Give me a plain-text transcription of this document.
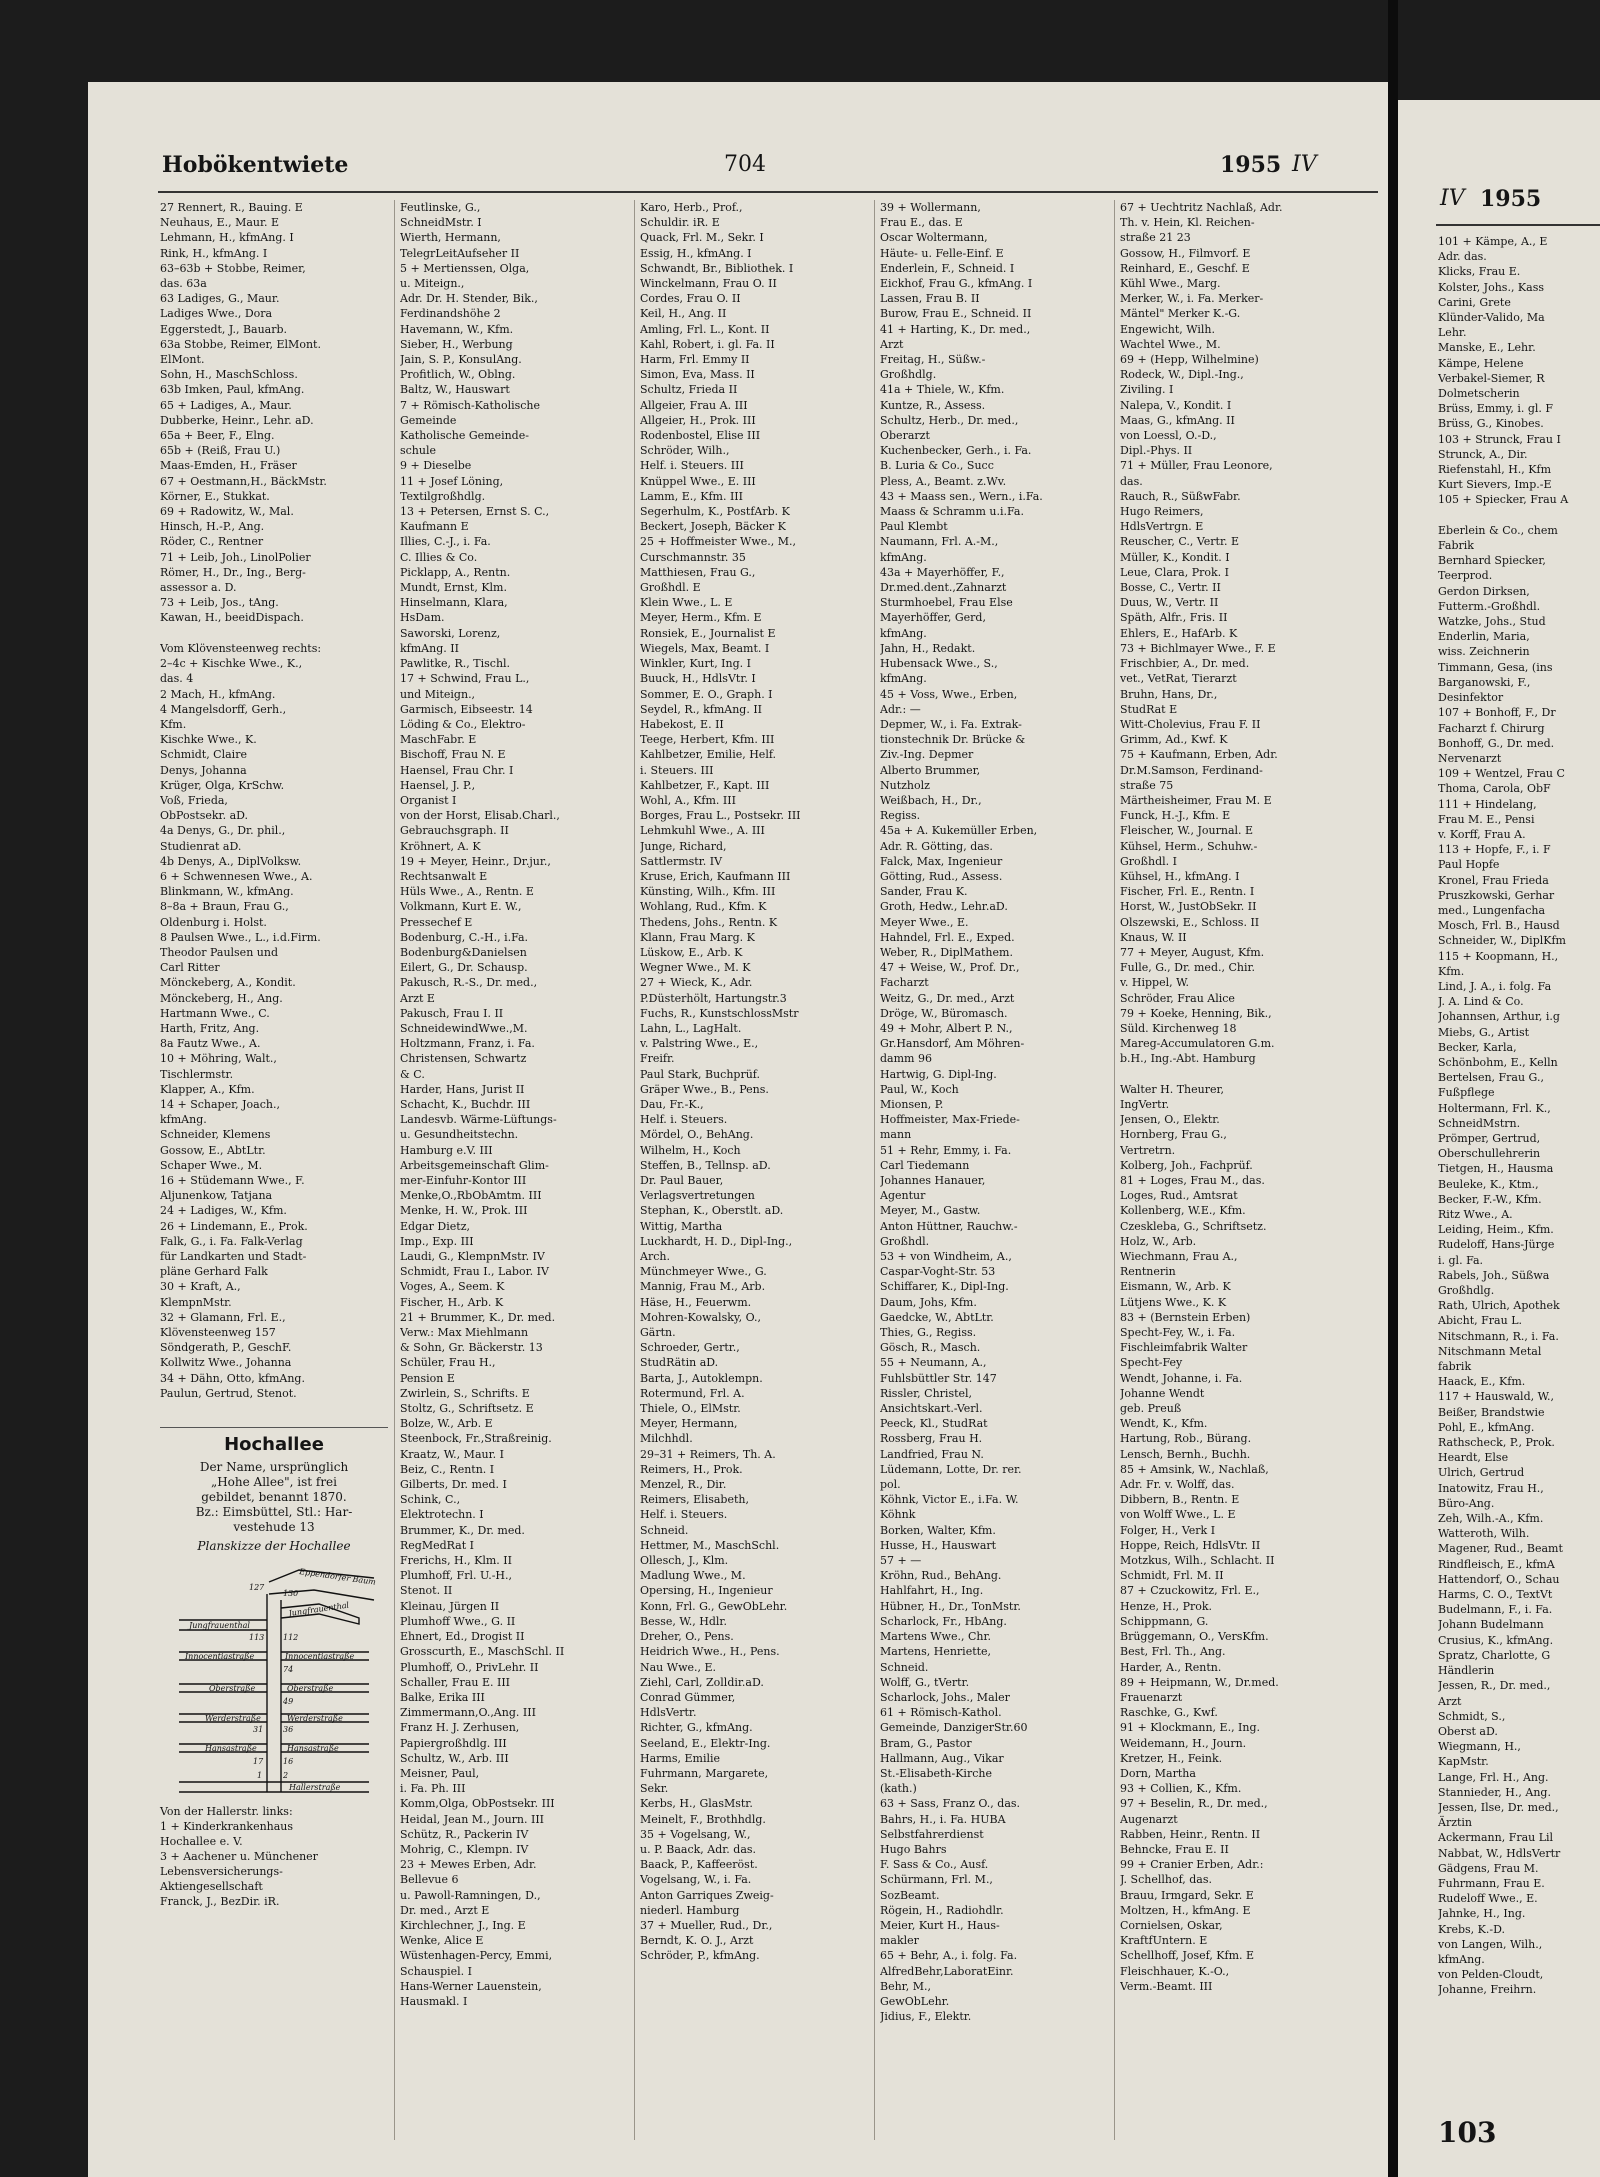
Hobökentwiete	704	1955 IV
27 Rennert, R., Bauing. E
Neuhaus, E., Maur. E
Lehmann, H., kfmAng. I
Rink, H., kfmAng. I
63–63b + Stobbe, Reimer,
das. 63a
63 Ladiges, G., Maur.
Ladiges Wwe., Dora
Eggerstedt, J., Bauarb.
63a Stobbe, Reimer, ElMont.
ElMont.
Sohn, H., MaschSchloss.
63b Imken, Paul, kfmAng.
65 + Ladiges, A., Maur.
Dubberke, Heinr., Lehr. aD.
65a + Beer, F., Elng.
65b + (Reiß, Frau U.)
Maas-Emden, H., Fräser
67 + Oestmann,H., BäckMstr.
Körner, E., Stukkat.
69 + Radowitz, W., Mal.
Hinsch, H.-P., Ang.
Röder, C., Rentner
71 + Leib, Joh., LinolPolier
Römer, H., Dr., Ing., Berg-
assessor a. D.
73 + Leib, Jos., tAng.
Kawan, H., beeidDispach.

Vom Klövensteenweg rechts:
2–4c + Kischke Wwe., K.,
das. 4
2 Mach, H., kfmAng.
4 Mangelsdorff, Gerh.,
Kfm.
Kischke Wwe., K.
Schmidt, Claire
Denys, Johanna
Krüger, Olga, KrSchw.
Voß, Frieda,
ObPostsekr. aD.
4a Denys, G., Dr. phil.,
Studienrat aD.
4b Denys, A., DiplVolksw.
6 + Schwennesen Wwe., A.
Blinkmann, W., kfmAng.
8–8a + Braun, Frau G.,
Oldenburg i. Holst.
8 Paulsen Wwe., L., i.d.Firm.
Theodor Paulsen und
Carl Ritter
Mönckeberg, A., Kondit.
Mönckeberg, H., Ang.
Hartmann Wwe., C.
Harth, Fritz, Ang.
8a Fautz Wwe., A.
10 + Möhring, Walt.,
Tischlermstr.
Klapper, A., Kfm.
14 + Schaper, Joach.,
kfmAng.
Schneider, Klemens
Gossow, E., AbtLtr.
Schaper Wwe., M.
16 + Stüdemann Wwe., F.
Aljunenkow, Tatjana
24 + Ladiges, W., Kfm.
26 + Lindemann, E., Prok.
Falk, G., i. Fa. Falk-Verlag
für Landkarten und Stadt-
pläne Gerhard Falk
30 + Kraft, A.,
KlempnMstr.
32 + Glamann, Frl. E.,
Klövensteenweg 157
Söndgerath, P., GeschF.
Kollwitz Wwe., Johanna
34 + Dähn, Otto, kfmAng.
Paulun, Gertrud, Stenot.
Feutlinske, G.,
SchneidMstr. I
Wierth, Hermann,
TelegrLeitAufseher II
5 + Mertienssen, Olga,
u. Miteign.,
Adr. Dr. H. Stender, Bik.,
Ferdinandshöhe 2
Havemann, W., Kfm.
Sieber, H., Werbung
Jain, S. P., KonsulAng.
Profitlich, W., Oblng.
Baltz, W., Hauswart
7 + Römisch-Katholische
Gemeinde
Katholische Gemeinde-
schule
9 + Dieselbe
11 + Josef Löning,
Textilgroßhdlg.
13 + Petersen, Ernst S. C.,
Kaufmann E
Illies, C.-J., i. Fa.
C. Illies & Co.
Picklapp, A., Rentn.
Mundt, Ernst, Klm.
Hinselmann, Klara,
HsDam.
Saworski, Lorenz,
kfmAng. II
Pawlitke, R., Tischl.
17 + Schwind, Frau L.,
und Miteign.,
Garmisch, Eibseestr. 14
Löding & Co., Elektro-
MaschFabr. E
Bischoff, Frau N. E
Haensel, Frau Chr. I
Haensel, J. P.,
Organist I
von der Horst, Elisab.Charl.,
Gebrauchsgraph. II
Kröhnert, A. K
19 + Meyer, Heinr., Dr.jur.,
Rechtsanwalt E
Hüls Wwe., A., Rentn. E
Volkmann, Kurt E. W.,
Pressechef E
Bodenburg, C.-H., i.Fa.
Bodenburg&Danielsen
Eilert, G., Dr. Schausp.
Pakusch, R.-S., Dr. med.,
Arzt E
Pakusch, Frau I. II
SchneidewindWwe.,M.
Holtzmann, Franz, i. Fa.
Christensen, Schwartz
& C.
Harder, Hans, Jurist II
Schacht, K., Buchdr. III
Landesvb. Wärme-Lüftungs-
u. Gesundheitstechn.
Hamburg e.V. III
Arbeitsgemeinschaft Glim-
mer-Einfuhr-Kontor III
Menke,O.,RbObAmtm. III
Menke, H. W., Prok. III
Edgar Dietz,
Imp., Exp. III
Laudi, G., KlempnMstr. IV
Schmidt, Frau I., Labor. IV
Voges, A., Seem. K
Fischer, H., Arb. K
21 + Brummer, K., Dr. med.
Verw.: Max Miehlmann
& Sohn, Gr. Bäckerstr. 13
Schüler, Frau H.,
Pension E
Zwirlein, S., Schrifts. E
Stoltz, G., Schriftsetz. E
Bolze, W., Arb. E
Steenbock, Fr.,Straßreinig.
Kraatz, W., Maur. I
Beiz, C., Rentn. I
Gilberts, Dr. med. I
Schink, C.,
Elektrotechn. I
Brummer, K., Dr. med.
RegMedRat I
Frerichs, H., Klm. II
Plumhoff, Frl. U.-H.,
Stenot. II
Kleinau, Jürgen II
Plumhoff Wwe., G. II
Ehnert, Ed., Drogist II
Grosscurth, E., MaschSchl. II
Plumhoff, O., PrivLehr. II
Schaller, Frau E. III
Balke, Erika III
Zimmermann,O.,Ang. III
Franz H. J. Zerhusen,
Papiergroßhdlg. III
Schultz, W., Arb. III
Meisner, Paul,
i. Fa. Ph. III
Komm,Olga, ObPostsekr. III
Heidal, Jean M., Journ. III
Schütz, R., Packerin IV
Mohrig, C., Klempn. IV
23 + Mewes Erben, Adr.
Bellevue 6
u. Pawoll-Ramningen, D.,
Dr. med., Arzt E
Kirchlechner, J., Ing. E
Wenke, Alice E
Wüstenhagen-Percy, Emmi,
Schauspiel. I
Hans-Werner Lauenstein,
Hausmakl. I
Karo, Herb., Prof.,
Schuldir. iR. E
Quack, Frl. M., Sekr. I
Essig, H., kfmAng. I
Schwandt, Br., Bibliothek. I
Winckelmann, Frau O. II
Cordes, Frau O. II
Keil, H., Ang. II
Amling, Frl. L., Kont. II
Kahl, Robert, i. gl. Fa. II
Harm, Frl. Emmy II
Simon, Eva, Mass. II
Schultz, Frieda II
Allgeier, Frau A. III
Allgeier, H., Prok. III
Rodenbostel, Elise III
Schröder, Wilh.,
Helf. i. Steuers. III
Knüppel Wwe., E. III
Lamm, E., Kfm. III
Segerhulm, K., PostfArb. K
Beckert, Joseph, Bäcker K
25 + Hoffmeister Wwe., M.,
Curschmannstr. 35
Matthiesen, Frau G.,
Großhdl. E
Klein Wwe., L. E
Meyer, Herm., Kfm. E
Ronsiek, E., Journalist E
Wiegels, Max, Beamt. I
Winkler, Kurt, Ing. I
Buuck, H., HdlsVtr. I
Sommer, E. O., Graph. I
Seydel, R., kfmAng. II
Habekost, E. II
Teege, Herbert, Kfm. III
Kahlbetzer, Emilie, Helf.
i. Steuers. III
Kahlbetzer, F., Kapt. III
Wohl, A., Kfm. III
Borges, Frau L., Postsekr. III
Lehmkuhl Wwe., A. III
Junge, Richard,
Sattlermstr. IV
Kruse, Erich, Kaufmann III
Künsting, Wilh., Kfm. III
Wohlang, Rud., Kfm. K
Thedens, Johs., Rentn. K
Klann, Frau Marg. K
Lüskow, E., Arb. K
Wegner Wwe., M. K
27 + Wieck, K., Adr.
P.Düsterhölt, Hartungstr.3
Fuchs, R., KunstschlossMstr
Lahn, L., LagHalt.
v. Palstring Wwe., E.,
Freifr.
Paul Stark, Buchprüf.
Gräper Wwe., B., Pens.
Dau, Fr.-K.,
Helf. i. Steuers.
Mördel, O., BehAng.
Wilhelm, H., Koch
Steffen, B., Tellnsp. aD.
Dr. Paul Bauer,
Verlagsvertretungen
Stephan, K., Oberstlt. aD.
Wittig, Martha
Luckhardt, H. D., Dipl-Ing.,
Arch.
Münchmeyer Wwe., G.
Mannig, Frau M., Arb.
Häse, H., Feuerwm.
Mohren-Kowalsky, O.,
Gärtn.
Schroeder, Gertr.,
StudRätin aD.
Barta, J., Autoklempn.
Rotermund, Frl. A.
Thiele, O., ElMstr.
Meyer, Hermann,
Milchhdl.
29–31 + Reimers, Th. A.
Reimers, H., Prok.
Menzel, R., Dir.
Reimers, Elisabeth,
Helf. i. Steuers.
Schneid.
Hettmer, M., MaschSchl.
Ollesch, J., Klm.
Madlung Wwe., M.
Opersing, H., Ingenieur
Konn, Frl. G., GewObLehr.
Besse, W., Hdlr.
Dreher, O., Pens.
Heidrich Wwe., H., Pens.
Nau Wwe., E.
Ziehl, Carl, Zolldir.aD.
Conrad Gümmer,
HdlsVertr.
Richter, G., kfmAng.
Seeland, E., Elektr-Ing.
Harms, Emilie
Fuhrmann, Margarete,
Sekr.
Kerbs, H., GlasMstr.
Meinelt, F., Brothhdlg.
35 + Vogelsang, W.,
u. P. Baack, Adr. das.
Baack, P., Kaffeeröst.
Vogelsang, W., i. Fa.
Anton Garriques Zweig-
niederl. Hamburg
37 + Mueller, Rud., Dr.,
Berndt, K. O. J., Arzt
Schröder, P., kfmAng.
39 + Wollermann,
Frau E., das. E
Oscar Woltermann,
Häute- u. Felle-Einf. E
Enderlein, F., Schneid. I
Eickhof, Frau G., kfmAng. I
Lassen, Frau B. II
Burow, Frau E., Schneid. II
41 + Harting, K., Dr. med.,
Arzt
Freitag, H., Süßw.-
Großhdlg.
41a + Thiele, W., Kfm.
Kuntze, R., Assess.
Schultz, Herb., Dr. med.,
Oberarzt
Kuchenbecker, Gerh., i. Fa.
B. Luria & Co., Succ
Pless, A., Beamt. z.Wv.
43 + Maass sen., Wern., i.Fa.
Maass & Schramm u.i.Fa.
Paul Klembt
Naumann, Frl. A.-M.,
kfmAng.
43a + Mayerhöffer, F.,
Dr.med.dent.,Zahnarzt
Sturmhoebel, Frau Else
Mayerhöffer, Gerd,
kfmAng.
Jahn, H., Redakt.
Hubensack Wwe., S.,
kfmAng.
45 + Voss, Wwe., Erben,
Adr.: —
Depmer, W., i. Fa. Extrak-
tionstechnik Dr. Brücke &
Ziv.-Ing. Depmer
Alberto Brummer,
Nutzholz
Weißbach, H., Dr.,
Regiss.
45a + A. Kukemüller Erben,
Adr. R. Götting, das.
Falck, Max, Ingenieur
Götting, Rud., Assess.
Sander, Frau K.
Groth, Hedw., Lehr.aD.
Meyer Wwe., E.
Hahndel, Frl. E., Exped.
Weber, R., DiplMathem.
47 + Weise, W., Prof. Dr.,
Facharzt
Weitz, G., Dr. med., Arzt
Dröge, W., Büromasch.
49 + Mohr, Albert P. N.,
Gr.Hansdorf, Am Möhren-
damm 96
Hartwig, G. Dipl-Ing.
Paul, W., Koch
Mionsen, P.
Hoffmeister, Max-Friede-
mann
51 + Rehr, Emmy, i. Fa.
Carl Tiedemann
Johannes Hanauer,
Agentur
Meyer, M., Gastw.
Anton Hüttner, Rauchw.-
Großhdl.
53 + von Windheim, A.,
Caspar-Voght-Str. 53
Schiffarer, K., Dipl-Ing.
Daum, Johs, Kfm.
Gaedcke, W., AbtLtr.
Thies, G., Regiss.
Gösch, R., Masch.
55 + Neumann, A.,
Fuhlsbüttler Str. 147
Rissler, Christel,
Ansichtskart.-Verl.
Peeck, Kl., StudRat
Rossberg, Frau H.
Landfried, Frau N.
Lüdemann, Lotte, Dr. rer.
pol.
Köhnk, Victor E., i.Fa. W.
Köhnk
Borken, Walter, Kfm.
Husse, H., Hauswart
57 + —
Kröhn, Rud., BehAng.
Hahlfahrt, H., Ing.
Hübner, H., Dr., TonMstr.
Scharlock, Fr., HbAng.
Martens Wwe., Chr.
Martens, Henriette,
Schneid.
Wolff, G., tVertr.
Scharlock, Johs., Maler
61 + Römisch-Kathol.
Gemeinde, DanzigerStr.60
Bram, G., Pastor
Hallmann, Aug., Vikar
St.-Elisabeth-Kirche
(kath.)
63 + Sass, Franz O., das.
Bahrs, H., i. Fa. HUBA
Selbstfahrerdienst
Hugo Bahrs
F. Sass & Co., Ausf.
Schürmann, Frl. M.,
SozBeamt.
Rögein, H., Radiohdlr.
Meier, Kurt H., Haus-
makler
65 + Behr, A., i. folg. Fa.
AlfredBehr,LaboratEinr.
Behr, M.,
GewObLehr.
Jidius, F., Elektr.
67 + Uechtritz Nachlaß, Adr.
Th. v. Hein, Kl. Reichen-
straße 21 23
Gossow, H., Filmvorf. E
Reinhard, E., Geschf. E
Kühl Wwe., Marg.
Merker, W., i. Fa. Merker-
Mäntel" Merker K.-G.
Engewicht, Wilh.
Wachtel Wwe., M.
69 + (Hepp, Wilhelmine)
Rodeck, W., Dipl.-Ing.,
Ziviling. I
Nalepa, V., Kondit. I
Maas, G., kfmAng. II
von Loessl, O.-D.,
Dipl.-Phys. II
71 + Müller, Frau Leonore,
das.
Rauch, R., SüßwFabr.
Hugo Reimers,
HdlsVertrgn. E
Reuscher, C., Vertr. E
Müller, K., Kondit. I
Leue, Clara, Prok. I
Bosse, C., Vertr. II
Duus, W., Vertr. II
Späth, Alfr., Fris. II
Ehlers, E., HafArb. K
73 + Bichlmayer Wwe., F. E
Frischbier, A., Dr. med.
vet., VetRat, Tierarzt
Bruhn, Hans, Dr.,
StudRat E
Witt-Cholevius, Frau F. II
Grimm, Ad., Kwf. K
75 + Kaufmann, Erben, Adr.
Dr.M.Samson, Ferdinand-
straße 75
Märtheisheimer, Frau M. E
Funck, H.-J., Kfm. E
Fleischer, W., Journal. E
Kühsel, Herm., Schuhw.-
Großhdl. I
Kühsel, H., kfmAng. I
Fischer, Frl. E., Rentn. I
Horst, W., JustObSekr. II
Olszewski, E., Schloss. II
Knaus, W. II
77 + Meyer, August, Kfm.
Fulle, G., Dr. med., Chir.
v. Hippel, W.
Schröder, Frau Alice
79 + Koeke, Henning, Bik.,
Süld. Kirchenweg 18
Mareg-Accumulatoren G.m.
b.H., Ing.-Abt. Hamburg

Walter H. Theurer,
IngVertr.
Jensen, O., Elektr.
Hornberg, Frau G.,
Vertretrn.
Kolberg, Joh., Fachprüf.
81 + Loges, Frau M., das.
Loges, Rud., Amtsrat
Kollenberg, W.E., Kfm.
Czeskleba, G., Schriftsetz.
Holz, W., Arb.
Wiechmann, Frau A.,
Rentnerin
Eismann, W., Arb. K
Lütjens Wwe., K. K
83 + (Bernstein Erben)
Specht-Fey, W., i. Fa.
Fischleimfabrik Walter
Specht-Fey
Wendt, Johanne, i. Fa.
Johanne Wendt
geb. Preuß
Wendt, K., Kfm.
Hartung, Rob., Bürang.
Lensch, Bernh., Buchh.
85 + Amsink, W., Nachlaß,
Adr. Fr. v. Wolff, das.
Dibbern, B., Rentn. E
von Wolff Wwe., L. E
Folger, H., Verk I
Hoppe, Reich, HdlsVtr. II
Motzkus, Wilh., Schlacht. II
Schmidt, Frl. M. II
87 + Czuckowitz, Frl. E.,
Henze, H., Prok.
Schippmann, G.
Brüggemann, O., VersKfm.
Best, Frl. Th., Ang.
Harder, A., Rentn.
89 + Heipmann, W., Dr.med.
Frauenarzt
Raschke, G., Kwf.
91 + Klockmann, E., Ing.
Weidemann, H., Journ.
Kretzer, H., Feink.
Dorn, Martha
93 + Collien, K., Kfm.
97 + Beselin, R., Dr. med.,
Augenarzt
Rabben, Heinr., Rentn. II
Behncke, Frau E. II
99 + Cranier Erben, Adr.:
J. Schellhof, das.
Brauu, Irmgard, Sekr. E
Moltzen, H., kfmAng. E
Cornielsen, Oskar,
KraftfUntern. E
Schellhoff, Josef, Kfm. E
Fleischhauer, K.-O.,
Verm.-Beamt. III
Hochallee
Der Name, ursprünglich
„Hohe Allee", ist frei
gebildet, benannt 1870.
Bz.: Eimsbüttel, Stl.: Har-
vestehude 13
Planskizze der Hochallee
Eppendorfer Baum
127
130
Jungfrauenthal
Jungfrauenthal
113 112
Innocentiastraße	Innocentiastraße
74
Oberstraße	Oberstraße
49
Werderstraße	Werderstraße
31 36
Hansastraße	Hansastraße
17 16
1	2
Hallerstraße
Von der Hallerstr. links:
1 + Kinderkrankenhaus
Hochallee e. V.
3 + Aachener u. Münchener
Lebensversicherungs-
Aktiengesellschaft
Franck, J., BezDir. iR.
IV 1955
101 + Kämpe, A., E
Adr. das.
Klicks, Frau E.
Kolster, Johs., Kass
Carini, Grete
Klünder-Valido, Ma
Lehr.
Manske, E., Lehr.
Kämpe, Helene
Verbakel-Siemer, R
Dolmetscherin
Brüss, Emmy, i. gl. F
Brüss, G., Kinobes.
103 + Strunck, Frau I
Strunck, A., Dir.
Riefenstahl, H., Kfm
Kurt Sievers, Imp.-E
105 + Spiecker, Frau A

Eberlein & Co., chem
Fabrik
Bernhard Spiecker,
Teerprod.
Gerdon Dirksen,
Futterm.-Großhdl.
Watzke, Johs., Stud
Enderlin, Maria,
wiss. Zeichnerin
Timmann, Gesa, (ins
Barganowski, F.,
Desinfektor
107 + Bonhoff, F., Dr
Facharzt f. Chirurg
Bonhoff, G., Dr. med.
Nervenarzt
109 + Wentzel, Frau C
Thoma, Carola, ObF
111 + Hindelang,
Frau M. E., Pensi
v. Korff, Frau A.
113 + Hopfe, F., i. F
Paul Hopfe
Kronel, Frau Frieda
Pruszkowski, Gerhar
med., Lungenfacha
Mosch, Frl. B., Hausd
Schneider, W., DiplKfm
115 + Koopmann, H.,
Kfm.
Lind, J. A., i. folg. Fa
J. A. Lind & Co.
Johannsen, Arthur, i.g
Miebs, G., Artist
Becker, Karla,
Schönbohm, E., Kelln
Bertelsen, Frau G.,
Fußpflege
Holtermann, Frl. K.,
SchneidMstrn.
Prömper, Gertrud,
Oberschullehrerin
Tietgen, H., Hausma
Beuleke, K., Ktm.,
Becker, F.-W., Kfm.
Ritz Wwe., A.
Leiding, Heim., Kfm.
Rudeloff, Hans-Jürge
i. gl. Fa.
Rabels, Joh., Süßwa
Großhdlg.
Rath, Ulrich, Apothek
Abicht, Frau L.
Nitschmann, R., i. Fa.
Nitschmann Metal
fabrik
Haack, E., Kfm.
117 + Hauswald, W.,
Beißer, Brandstwie
Pohl, E., kfmAng.
Rathscheck, P., Prok.
Heardt, Else
Ulrich, Gertrud
Inatowitz, Frau H.,
Büro-Ang.
Zeh, Wilh.-A., Kfm.
Watteroth, Wilh.
Magener, Rud., Beamt
Rindfleisch, E., kfmA
Hattendorf, O., Schau
Harms, C. O., TextVt
Budelmann, F., i. Fa.
Johann Budelmann
Crusius, K., kfmAng.
Spratz, Charlotte, G
Händlerin
Jessen, R., Dr. med.,
Arzt
Schmidt, S.,
Oberst aD.
Wiegmann, H.,
KapMstr.
Lange, Frl. H., Ang.
Stannieder, H., Ang.
Jessen, Ilse, Dr. med.,
Ärztin
Ackermann, Frau Lil
Nabbat, W., HdlsVertr
Gädgens, Frau M.
Fuhrmann, Frau E.
Rudeloff Wwe., E.
Jahnke, H., Ing.
Krebs, K.-D.
von Langen, Wilh.,
kfmAng.
von Pelden-Cloudt,
Johanne, Freihrn.
103
